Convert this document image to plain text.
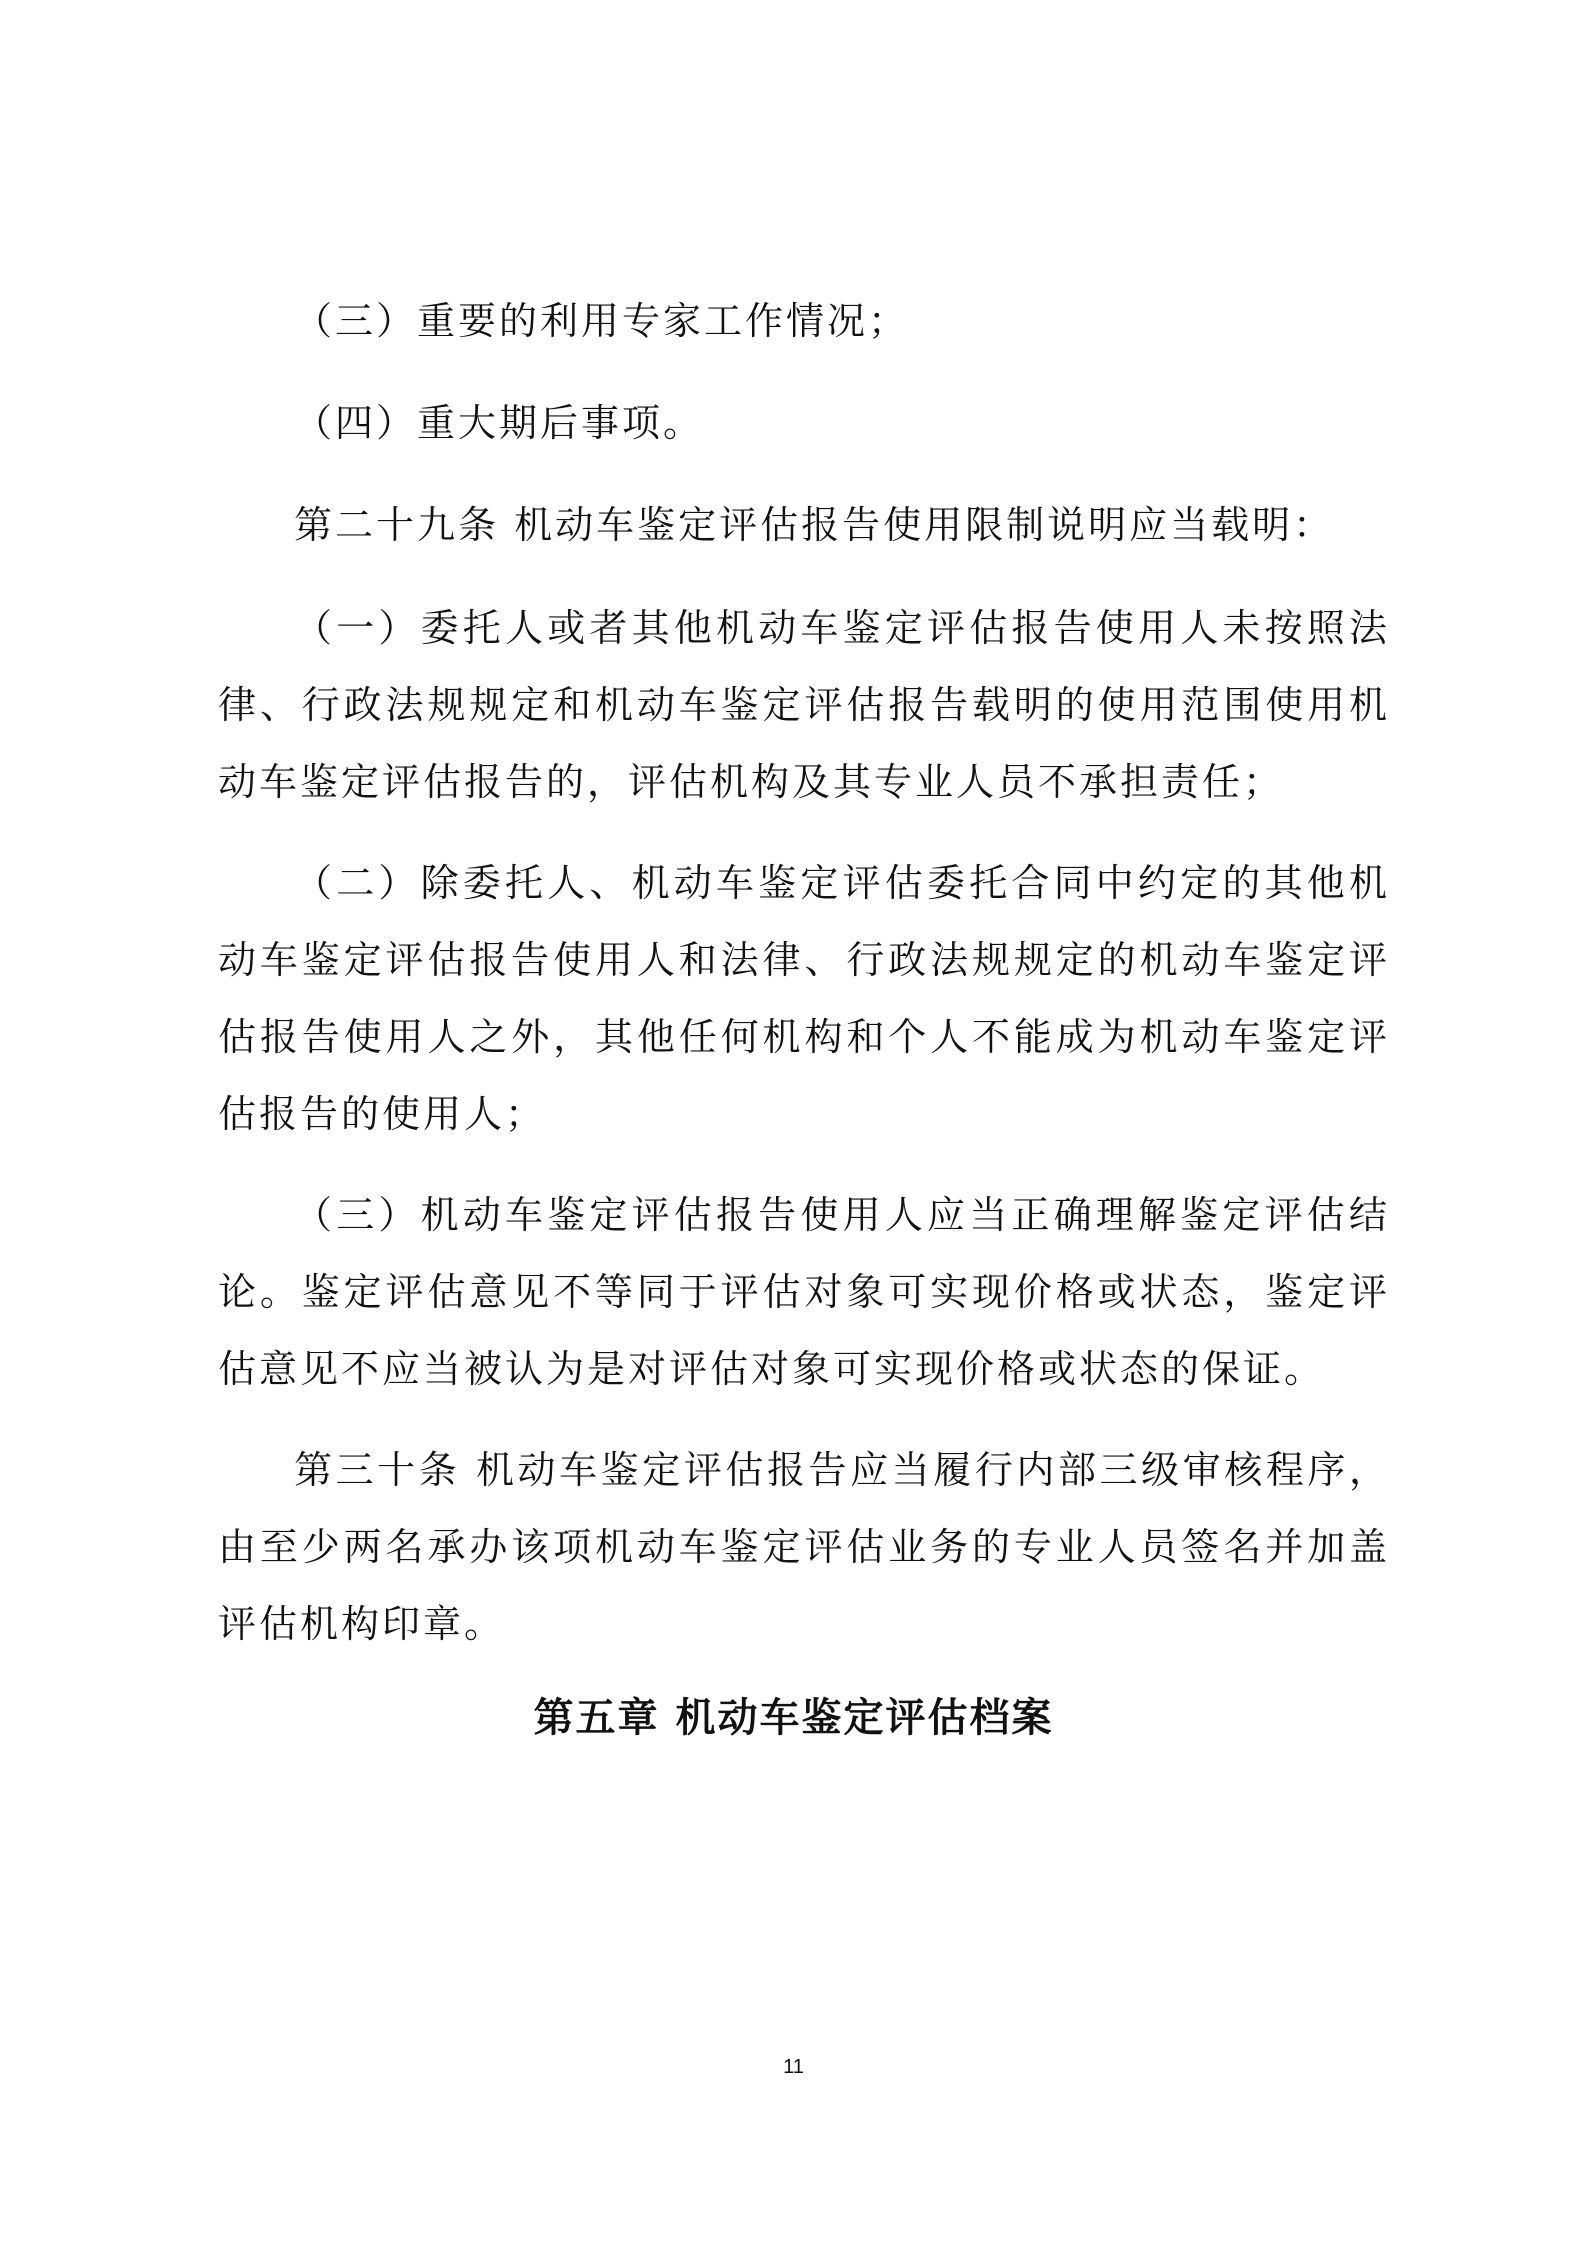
（三）重要的利用专家工作情况；

（四）重大期后事项。

第二十九条 机动车鉴定评估报告使用限制说明应当载明：

（一）委托人或者其他机动车鉴定评估报告使用人未按照法律、行政法规规定和机动车鉴定评估报告载明的使用范围使用机动车鉴定评估报告的，评估机构及其专业人员不承担责任；

（二）除委托人、机动车鉴定评估委托合同中约定的其他机动车鉴定评估报告使用人和法律、行政法规规定的机动车鉴定评估报告使用人之外，其他任何机构和个人不能成为机动车鉴定评估报告的使用人；

（三）机动车鉴定评估报告使用人应当正确理解鉴定评估结论。鉴定评估意见不等同于评估对象可实现价格或状态，鉴定评估意见不应当被认为是对评估对象可实现价格或状态的保证。

第三十条 机动车鉴定评估报告应当履行内部三级审核程序，由至少两名承办该项机动车鉴定评估业务的专业人员签名并加盖评估机构印章。

第五章 机动车鉴定评估档案
11
